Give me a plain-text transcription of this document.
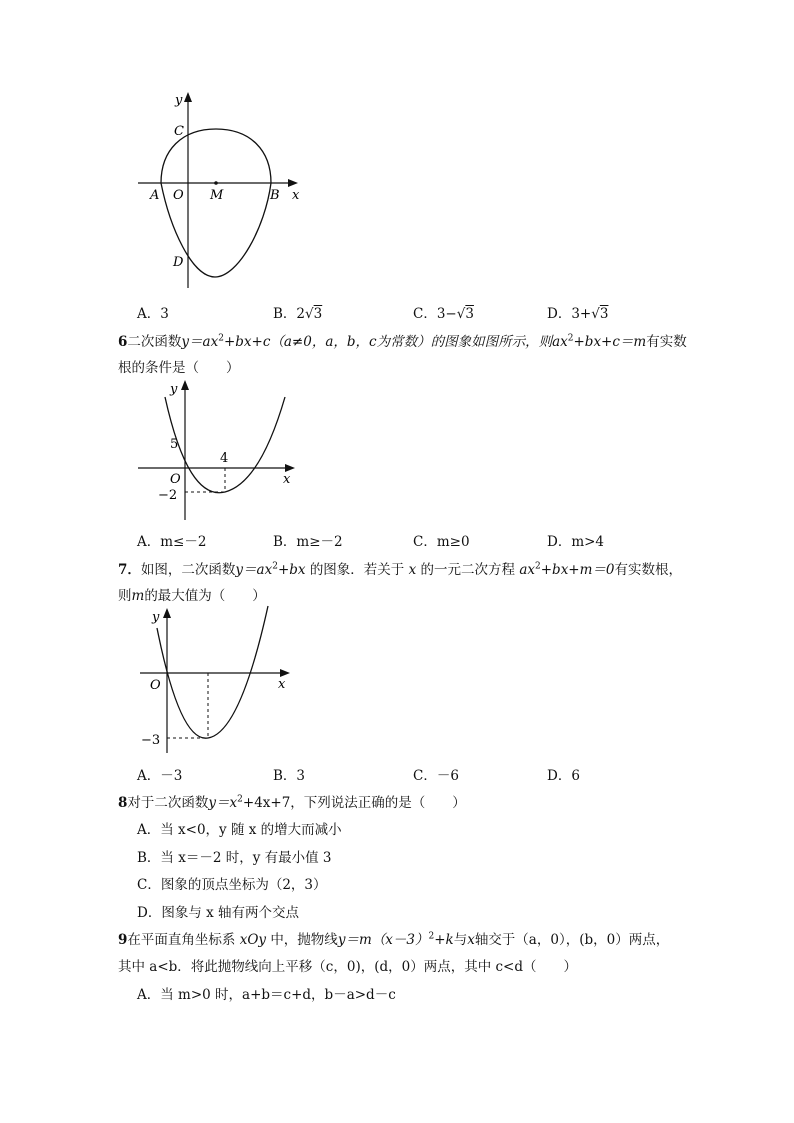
y
x
C
A O M	B
D
A．3	B．2√3	C．3−√3	D．3+√3
6二次函数$y=ax^2+bx+c(a\ne 0$，a，b，c为常数）的图象如图所示，则$ax^2+bx+c=m$有实数
根的条件是（　　）
y
x
O
5
4
−2
A．m≤－2	B．m≥－2	C．m≥0	D．m>4
7．如图，二次函数$y=ax^2+bx$ 的图象．若关于 x 的一元二次方程 $ax^2+bx+m=0$有实数根，
则m的最大值为（　　）
y
x
O
−3
A．－3	B．3	C．－6	D．6
8对于二次函数$y=x^2+4x+7$，下列说法正确的是（　　）
A．当 x<0，y 随 x 的增大而减小
B．当 x＝－2 时，y 有最小值 3
C．图象的顶点坐标为（2，3）
D．图象与 x 轴有两个交点
9在平面直角坐标系 xOy 中，抛物线$y=m(x-3)^2+k$与x轴交于（a，0），(b，0）两点，
其中 a<b．将此抛物线向上平移（c，0)，(d，0）两点，其中 c<d（　　）
A．当 m>0 时，a+b＝c+d，b－a>d－c
